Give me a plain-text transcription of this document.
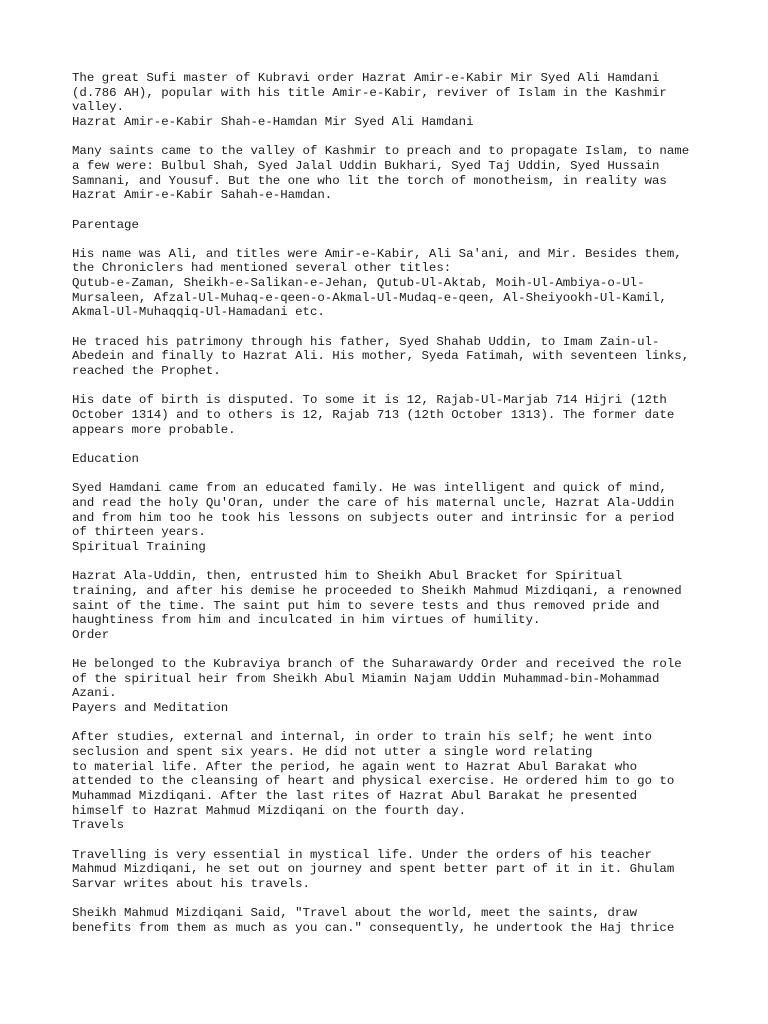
The great Sufi master of Kubravi order Hazrat Amir-e-Kabir Mir Syed Ali Hamdani
(d.786 AH), popular with his title Amir-e-Kabir, reviver of Islam in the Kashmir
valley.
Hazrat Amir-e-Kabir Shah-e-Hamdan Mir Syed Ali Hamdani
Many saints came to the valley of Kashmir to preach and to propagate Islam, to name
a few were: Bulbul Shah, Syed Jalal Uddin Bukhari, Syed Taj Uddin, Syed Hussain
Samnani, and Yousuf. But the one who lit the torch of monotheism, in reality was
Hazrat Amir-e-Kabir Sahah-e-Hamdan.
Parentage
His name was Ali, and titles were Amir-e-Kabir, Ali Sa'ani, and Mir. Besides them,
the Chroniclers had mentioned several other titles:
Qutub-e-Zaman, Sheikh-e-Salikan-e-Jehan, Qutub-Ul-Aktab, Moih-Ul-Ambiya-o-Ul-
Mursaleen, Afzal-Ul-Muhaq-e-qeen-o-Akmal-Ul-Mudaq-e-qeen, Al-Sheiyookh-Ul-Kamil,
Akmal-Ul-Muhaqqiq-Ul-Hamadani etc.
He traced his patrimony through his father, Syed Shahab Uddin, to Imam Zain-ul-
Abedein and finally to Hazrat Ali. His mother, Syeda Fatimah, with seventeen links,
reached the Prophet.
His date of birth is disputed. To some it is 12, Rajab-Ul-Marjab 714 Hijri (12th
October 1314) and to others is 12, Rajab 713 (12th October 1313). The former date
appears more probable.
Education
Syed Hamdani came from an educated family. He was intelligent and quick of mind,
and read the holy Qu'Oran, under the care of his maternal uncle, Hazrat Ala-Uddin
and from him too he took his lessons on subjects outer and intrinsic for a period
of thirteen years.
Spiritual Training
Hazrat Ala-Uddin, then, entrusted him to Sheikh Abul Bracket for Spiritual
training, and after his demise he proceeded to Sheikh Mahmud Mizdiqani, a renowned
saint of the time. The saint put him to severe tests and thus removed pride and
haughtiness from him and inculcated in him virtues of humility.
Order
He belonged to the Kubraviya branch of the Suharawardy Order and received the role
of the spiritual heir from Sheikh Abul Miamin Najam Uddin Muhammad-bin-Mohammad
Azani.
Payers and Meditation
After studies, external and internal, in order to train his self; he went into
seclusion and spent six years. He did not utter a single word relating
to material life. After the period, he again went to Hazrat Abul Barakat who
attended to the cleansing of heart and physical exercise. He ordered him to go to
Muhammad Mizdiqani. After the last rites of Hazrat Abul Barakat he presented
himself to Hazrat Mahmud Mizdiqani on the fourth day.
Travels
Travelling is very essential in mystical life. Under the orders of his teacher
Mahmud Mizdiqani, he set out on journey and spent better part of it in it. Ghulam
Sarvar writes about his travels.
Sheikh Mahmud Mizdiqani Said, "Travel about the world, meet the saints, draw
benefits from them as much as you can." consequently, he undertook the Haj thrice
